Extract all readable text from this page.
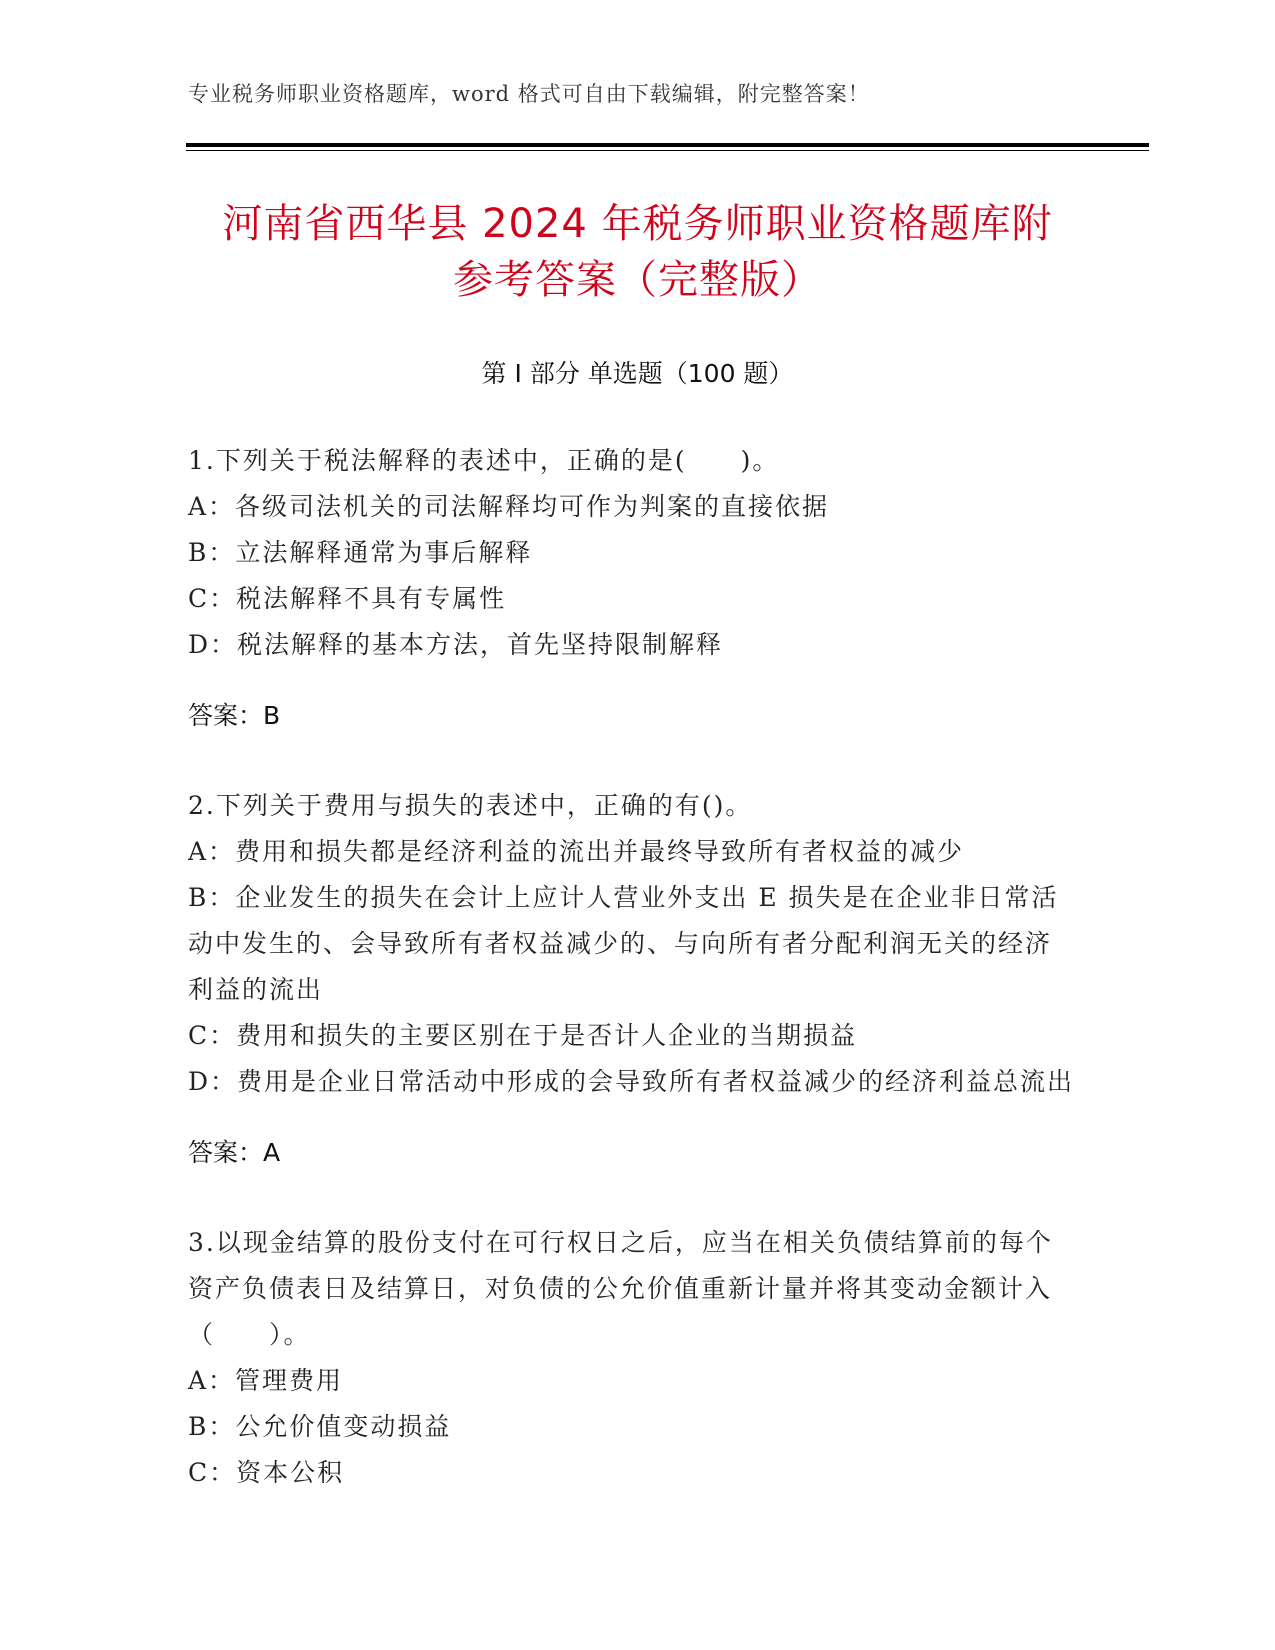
专业税务师职业资格题库，word 格式可自由下载编辑，附完整答案！
河南省西华县 2024 年税务师职业资格题库附
参考答案（完整版）
第 I 部分 单选题（100 题）

1.下列关于税法解释的表述中，正确的是(　　)。

A：各级司法机关的司法解释均可作为判案的直接依据

B：立法解释通常为事后解释

C：税法解释不具有专属性

D：税法解释的基本方法，首先坚持限制解释

答案：B

2.下列关于费用与损失的表述中，正确的有()。

A：费用和损失都是经济利益的流出并最终导致所有者权益的减少

B：企业发生的损失在会计上应计人营业外支出 E 损失是在企业非日常活动中发生的、会导致所有者权益减少的、与向所有者分配利润无关的经济利益的流出

C：费用和损失的主要区别在于是否计人企业的当期损益

D：费用是企业日常活动中形成的会导致所有者权益减少的经济利益总流出

答案：A

3.以现金结算的股份支付在可行权日之后，应当在相关负债结算前的每个资产负债表日及结算日，对负债的公允价值重新计量并将其变动金额计入（　　）。

A：管理费用

B：公允价值变动损益

C：资本公积
